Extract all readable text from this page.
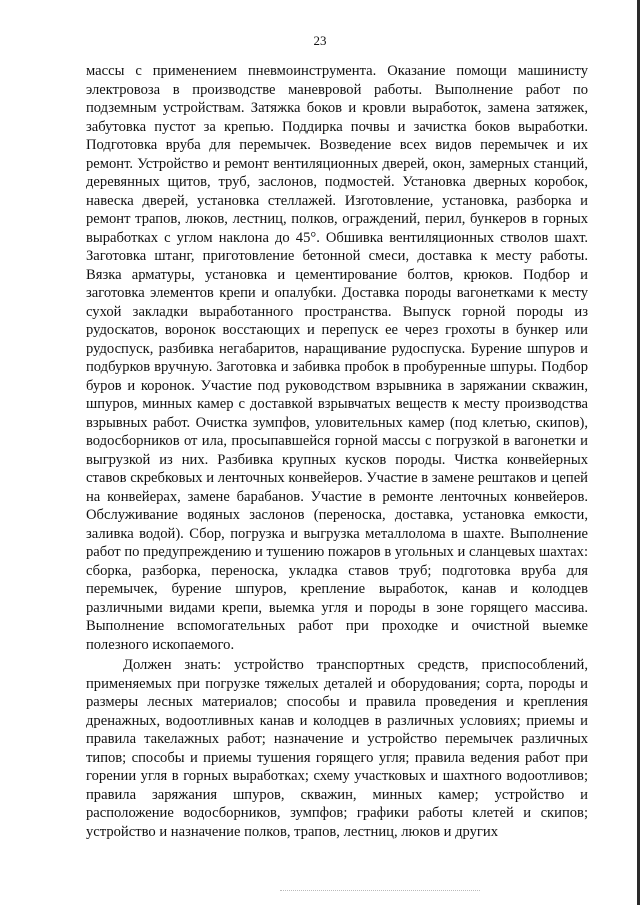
23

массы с применением пневмоинструмента. Оказание помощи машинисту электровоза в производстве маневровой работы. Выполнение работ по подземным устройствам. Затяжка боков и кровли выработок, замена затяжек, забутовка пустот за крепью. Поддирка почвы и зачистка боков выработки. Подготовка вруба для перемычек. Возведение всех видов перемычек и их ремонт. Устройство и ремонт вентиляционных дверей, окон, замерных станций, деревянных щитов, труб, заслонов, подмостей. Установка дверных коробок, навеска дверей, установка стеллажей. Изготовление, установка, разборка и ремонт трапов, люков, лестниц, полков, ограждений, перил, бункеров в горных выработках с углом наклона до 45°. Обшивка вентиляционных стволов шахт. Заготовка штанг, приготовление бетонной смеси, доставка к месту работы. Вязка арматуры, установка и цементирование болтов, крюков. Подбор и заготовка элементов крепи и опалубки. Доставка породы вагонетками к месту сухой закладки выработанного пространства. Выпуск горной породы из рудоскатов, воронок восстающих и перепуск ее через грохоты в бункер или рудоспуск, разбивка негабаритов, наращивание рудоспуска. Бурение шпуров и подбурков вручную. Заготовка и забивка пробок в пробуренные шпуры. Подбор буров и коронок. Участие под руководством взрывника в заряжании скважин, шпуров, минных камер с доставкой взрывчатых веществ к месту производства взрывных работ. Очистка зумпфов, уловительных камер (под клетью, скипов), водосборников от ила, просыпавшейся горной массы с погрузкой в вагонетки и выгрузкой из них. Разбивка крупных кусков породы. Чистка конвейерных ставов скребковых и ленточных конвейеров. Участие в замене рештаков и цепей на конвейерах, замене барабанов. Участие в ремонте ленточных конвейеров. Обслуживание водяных заслонов (переноска, доставка, установка емкости, заливка водой). Сбор, погрузка и выгрузка металлолома в шахте. Выполнение работ по предупреждению и тушению пожаров в угольных и сланцевых шахтах: сборка, разборка, переноска, укладка ставов труб; подготовка вруба для перемычек, бурение шпуров, крепление выработок, канав и колодцев различными видами крепи, выемка угля и породы в зоне горящего массива. Выполнение вспомогательных работ при проходке и очистной выемке полезного ископаемого.

Должен знать: устройство транспортных средств, приспособлений, применяемых при погрузке тяжелых деталей и оборудования; сорта, породы и размеры лесных материалов; способы и правила проведения и крепления дренажных, водоотливных канав и колодцев в различных условиях; приемы и правила такелажных работ; назначение и устройство перемычек различных типов; способы и приемы тушения горящего угля; правила ведения работ при горении угля в горных выработках; схему участковых и шахтного водоотливов; правила заряжания шпуров, скважин, минных камер; устройство и расположение водосборников, зумпфов; графики работы клетей и скипов; устройство и назначение полков, трапов, лестниц, люков и других
